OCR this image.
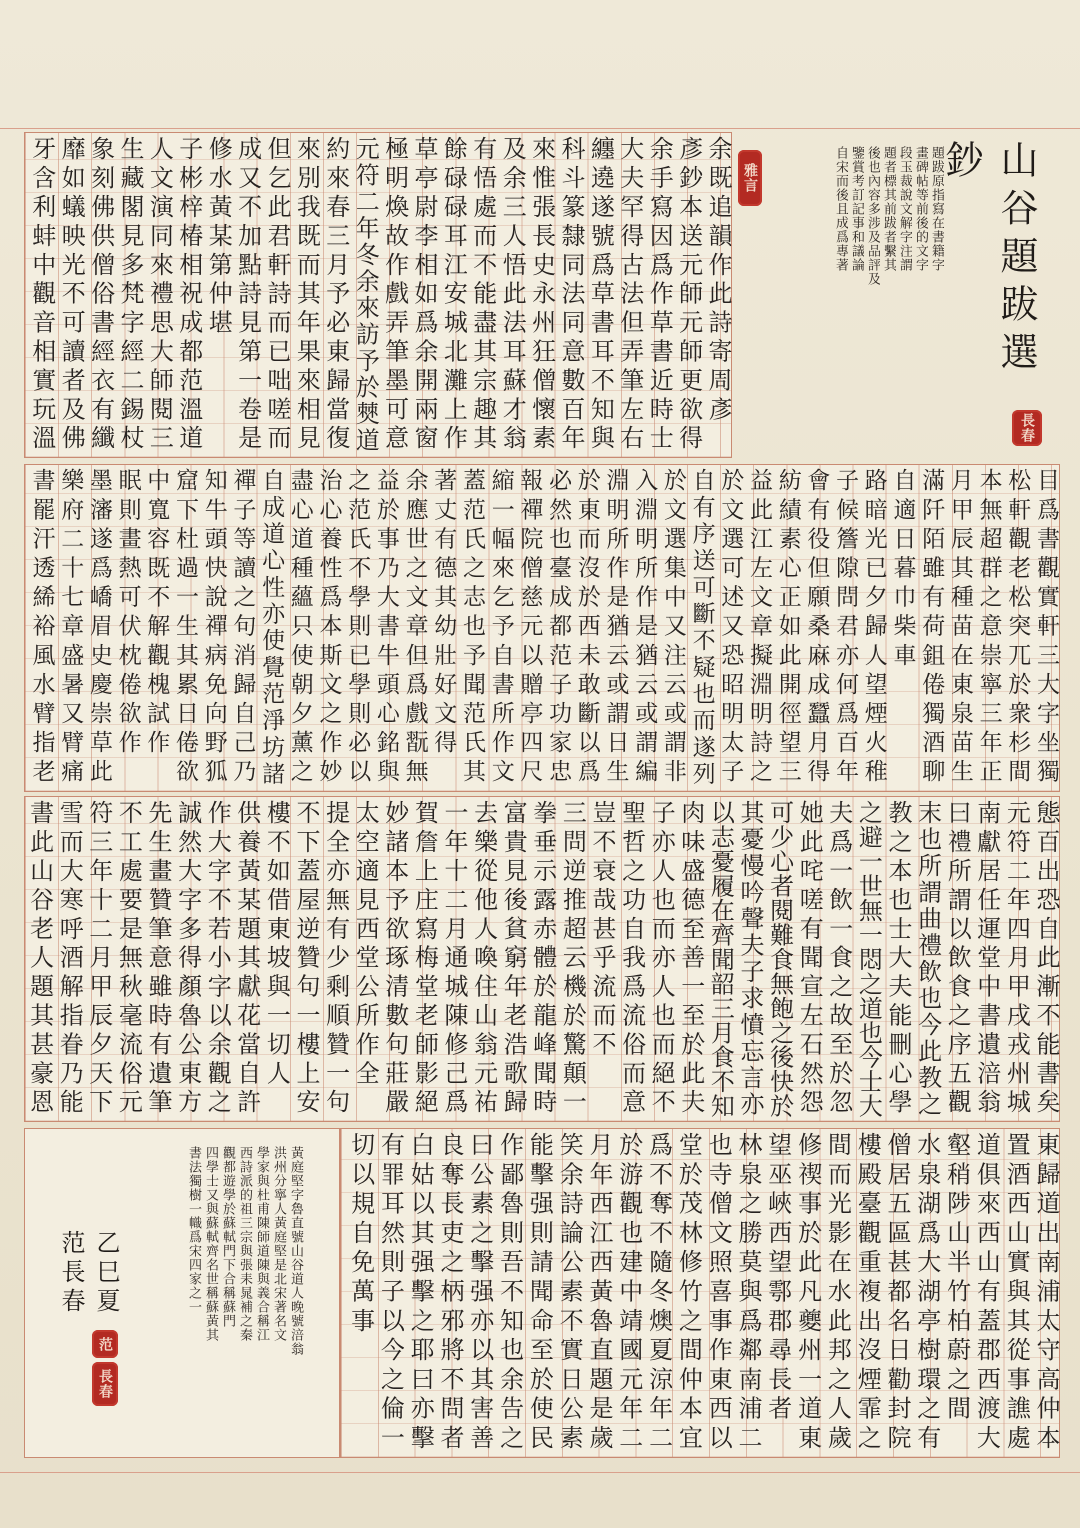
山谷題跋選鈔
題跋原指寫在書籍字
畫碑帖等前後的文字
段玉裁說文解字注謂
題者標其前跋者繫其
後也內容多涉及品評及
鑒賞考訂記事和議論
自宋而後且成爲專著
黃庭堅字魯直號山谷道人晚號涪翁
洪州分寧人黃庭堅是北宋著名文
學家與杜甫陳師道陳與義合稱江
西詩派的祖三宗與張耒晁補之秦
觀都遊學於蘇軾門下合稱蘇門
四學士又與蘇軾齊名世稱蘇黃其
書法獨樹一幟爲宋四家之一
乙巳夏范長春
雅言
長春
范
長春
余既追韻作此詩寄周彥
彥鈔本送元師元師更欲得
余手寫因爲作草書近時士
大夫罕得古法但弄筆左右
纏遶遂號爲草書耳不知與
科斗篆隸同法同意數百年
來惟張長史永州狂僧懷素
及余三人悟此法耳蘇才翁
有悟處而不能盡其宗趣其
餘碌碌耳江安城北灘上作
草亭尉李相如爲余開兩窗
極明煥故作戲弄筆墨可意
元符二年冬余來訪予於僰道
約來春三月予必東歸當復
來別我既而其年果來相見
但乞此君軒詩而已咄嗟而
成又不加點詩見第一卷是
修水黃某第仲堪
子彬梓椿相祝成都范溫道
人文演同來禮思大師閱三
生藏閣見多梵字經二錫杖
象刻佛供僧俗書經衣有纖
靡如蟻映光不可讀者及佛
牙含利蚌中觀音相實玩溫
目爲書觀實軒三大字坐獨
松軒觀老松突兀於衆杉間
本無超群之意崇寧三年正
月甲辰其種苗在東泉苗生
滿阡陌雖有荷鉏倦獨酒聊
自適日暮巾柴車
路暗光已夕歸人望煙火稚
子候簷隙問君亦何爲百年
會有役但願桑麻成蠶月得
紡績素心正如此開徑望三
益此江左文章擬淵明詩之
於文選可述又恐昭明太子
自有序送可斷不疑也而遂列
於文選集中又注云或謂非
入淵明所作是猶云或謂編
淵明所作是猶云或謂日生
於東而沒於西未敢斷以爲
必然也臺成都范子功家忠
報禪院僧慈元以贈亭四尺
縮一幅來乞予自書所作文
蓋范氏之志也予聞范氏其
著丈有德其幼壯好文得
余應世之文章但爲戲翫無
益於事乃大書牛頭心銘與
之范氏不學則已學則必以
治心養性爲本斯文之作妙
盡心道種蘊只使朝夕薰之
自成道心性亦使覺范淨坊諸
禪子等讀之句消歸自己乃
知牛頭快說禪病免向野狐
窟下杜過一生其累日倦欲
中寬容既不解觀槐試作
眠則畫熱可伏枕倦欲作
墨瀋遂爲嶠眉史慶崇草此
樂府二十七章盛暑又臂痛
書罷汗透絺裕風水臂指老
態百出恐自此漸不能書矣
元符二年四月甲戌戎州城
南獻居任運堂中書遺涪翁
曰禮所謂以飲食之序五觀
末也所謂曲禮飲也今此教之
教之本也士大夫能刪心學
之避一世無一悶之道也今士大
夫爲一飲一食之故至於忽
她此咤嗟有聞宣左石然怨
可少心者閱難食無飽之後快於
其憂慢吟聲夫子求憤忘言亦
以志憂履在齊聞韶三月食不知
肉味盛德至善一至於此夫
子亦人也而亦人也而絕不
聖哲之功自我爲流俗而意
豈不衰哉甚乎流而不
三問逆推超云機於驚顛一
拳垂示露赤體於龍峰聞時
富貴見後貧窮年老浩歌歸
去樂從他人喚住山翁元祐
一年十二月通城陳修己爲
賀詹上庄寫梅堂老師影絕
妙諸本予欲琢清數句莊嚴
太空適見西堂公所作全
提全亦無有少剩順贊一句
不下蓋屋逆贊句一樓上安
樓不如借東坡與一切人
供養黃某題其獻花當自許
作大字不若小字以余觀之
誠然大字多得顏魯公東方
先生畫贊筆意雖時有遺筆
不工處要是無秋毫流俗元
符三年十二月甲辰夕天下
雪而大寒呼酒解指眷乃能
書此山谷老人題其甚豪恩
東歸道出南浦太守高仲本
置酒西山實與其從事譙處
道俱來西山有蓋郡西渡大
壑稍陟山半竹柏蔚之間
水泉湖爲大湖亭樹環之有
僧居五區甚都名日勸封院
樓殿臺觀重複出沒煙霏之
間而光影在水此邦之人歲
修禊事於此凡夔州一道東
望巫峽西望鄠郡尋長者
林泉之勝莫與爲鄰南浦二
也寺僧文照喜事作東西以
堂於茂林修竹之間仲本宜
爲不奪不隨冬燠夏涼年二
於游觀也建中靖國元年二
月年西江西黃魯直題是歲
笑余詩論公素不實日公素
能擊强則請聞命至於使民
作鄙魯則吾不知也余告之
曰公素之擊强亦以其害善
良奪長吏之柄邪將不問者
白姑以其强擊之耶曰亦擊
有罪耳然則子以今之倫一
切以規自免萬事
